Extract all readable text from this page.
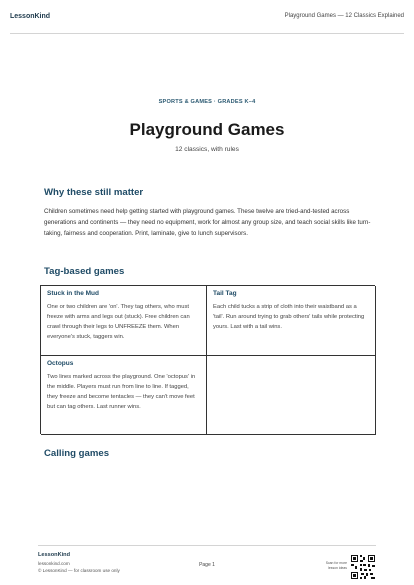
LessonKind	Playground Games — 12 Classics Explained
SPORTS & GAMES · GRADES K–4
Playground Games
12 classics, with rules
Why these still matter

Children sometimes need help getting started with playground games. These twelve are tried-and-tested across generations and continents — they need no equipment, work for almost any group size, and teach social skills like turn-taking, fairness and cooperation. Print, laminate, give to lunch supervisors.

Tag-based games
Stuck in the Mud

One or two children are 'on'. They tag others, who must freeze with arms and legs out (stuck). Free children can crawl through their legs to UNFREEZE them. When everyone's stuck, taggers win.

Tail Tag

Each child tucks a strip of cloth into their waistband as a 'tail'. Run around trying to grab others' tails while protecting yours. Last with a tail wins.

Octopus

Two lines marked across the playground. One 'octopus' in the middle. Players must run from line to line. If tagged, they freeze and become tentacles — they can't move feet but can tag others. Last runner wins.

Calling games
LessonKind
lessonkind.com
© LessonKind — for classroom use only
Page 1	Scan for more lesson ideas
